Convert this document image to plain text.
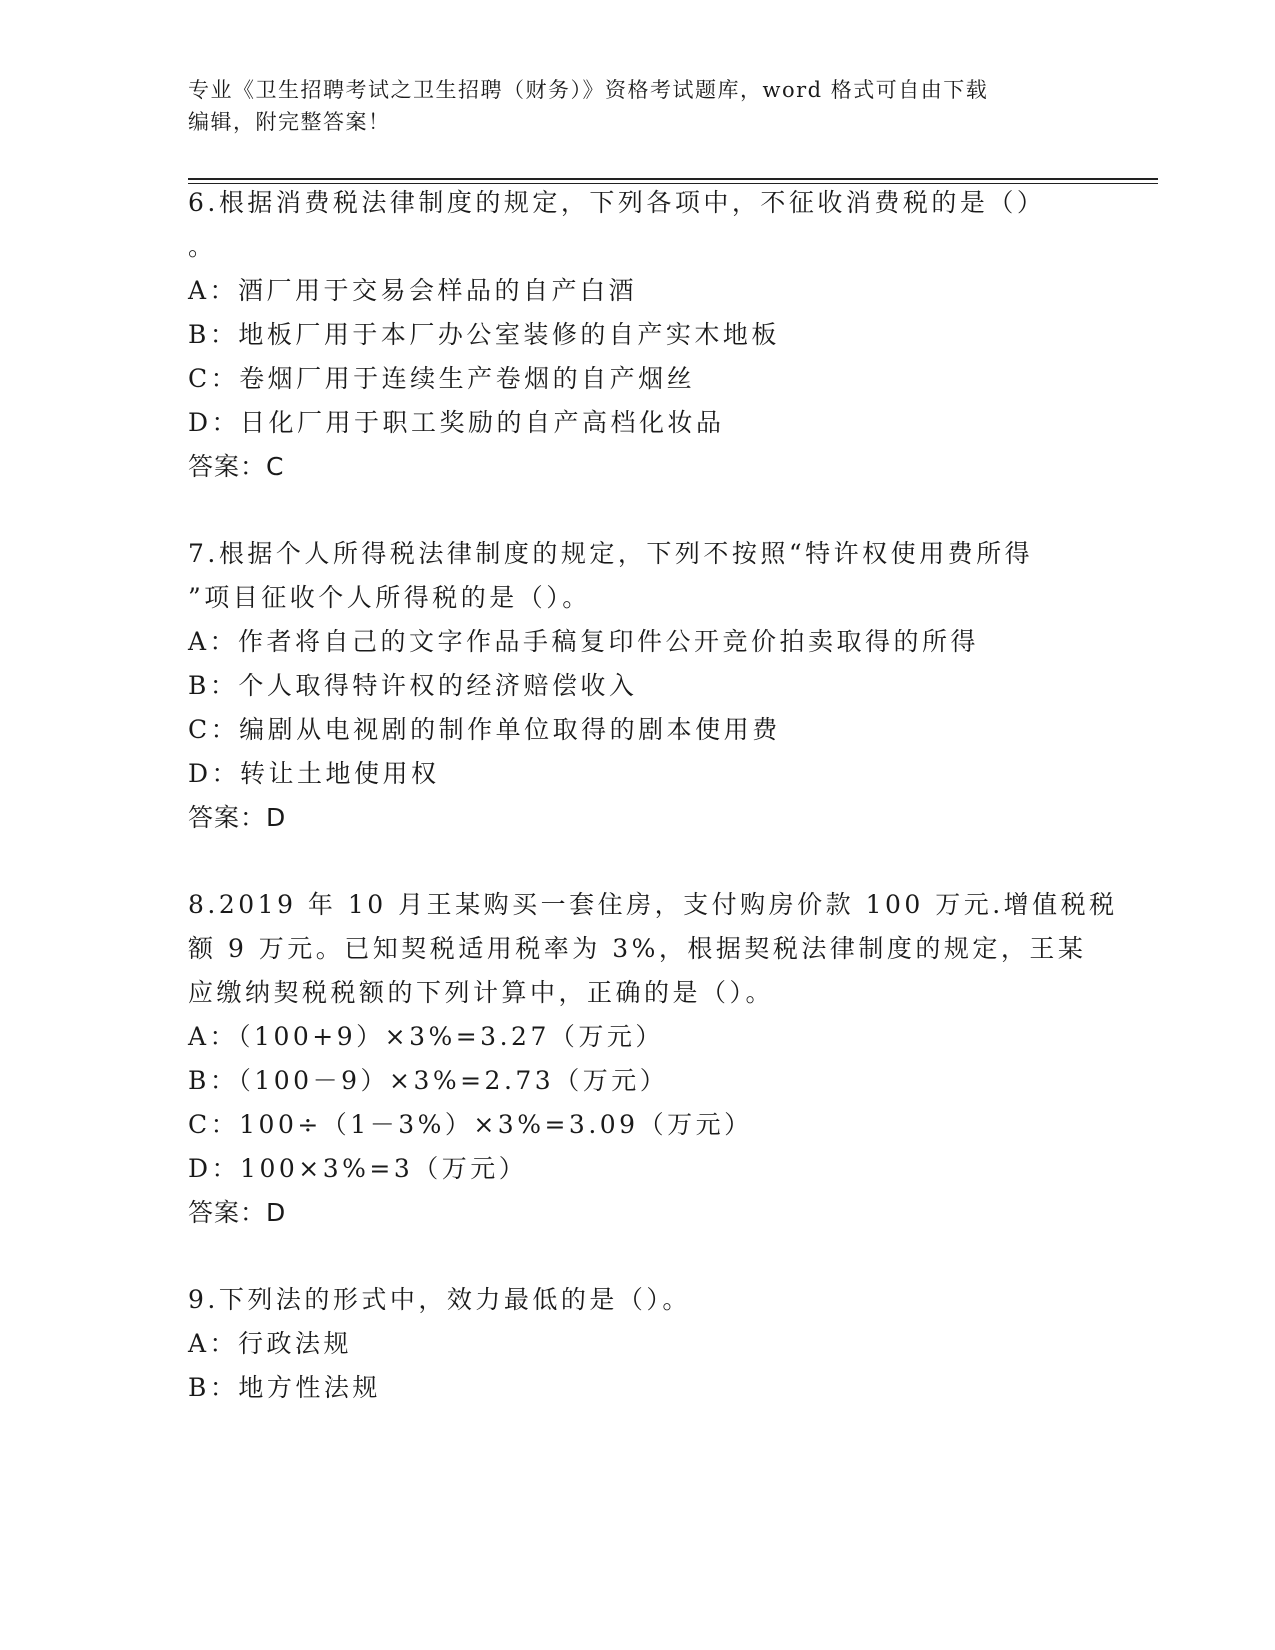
专业《卫生招聘考试之卫生招聘（财务）》资格考试题库，word 格式可自由下载
编辑，附完整答案！
6.根据消费税法律制度的规定，下列各项中，不征收消费税的是（）
。
A：酒厂用于交易会样品的自产白酒
B：地板厂用于本厂办公室装修的自产实木地板
C：卷烟厂用于连续生产卷烟的自产烟丝
D：日化厂用于职工奖励的自产高档化妆品
答案：C
7.根据个人所得税法律制度的规定，下列不按照“特许权使用费所得
”项目征收个人所得税的是（）。
A：作者将自己的文字作品手稿复印件公开竞价拍卖取得的所得
B：个人取得特许权的经济赔偿收入
C：编剧从电视剧的制作单位取得的剧本使用费
D：转让土地使用权
答案：D
8.2019 年 10 月王某购买一套住房，支付购房价款 100 万元.增值税税
额 9 万元。已知契税适用税率为 3%，根据契税法律制度的规定，王某
应缴纳契税税额的下列计算中，正确的是（）。
A：（100+9）×3%=3.27（万元）
B：（100－9）×3%=2.73（万元）
C：100÷（1－3%）×3%=3.09（万元）
D：100×3%=3（万元）
答案：D
9.下列法的形式中，效力最低的是（）。
A：行政法规
B：地方性法规
